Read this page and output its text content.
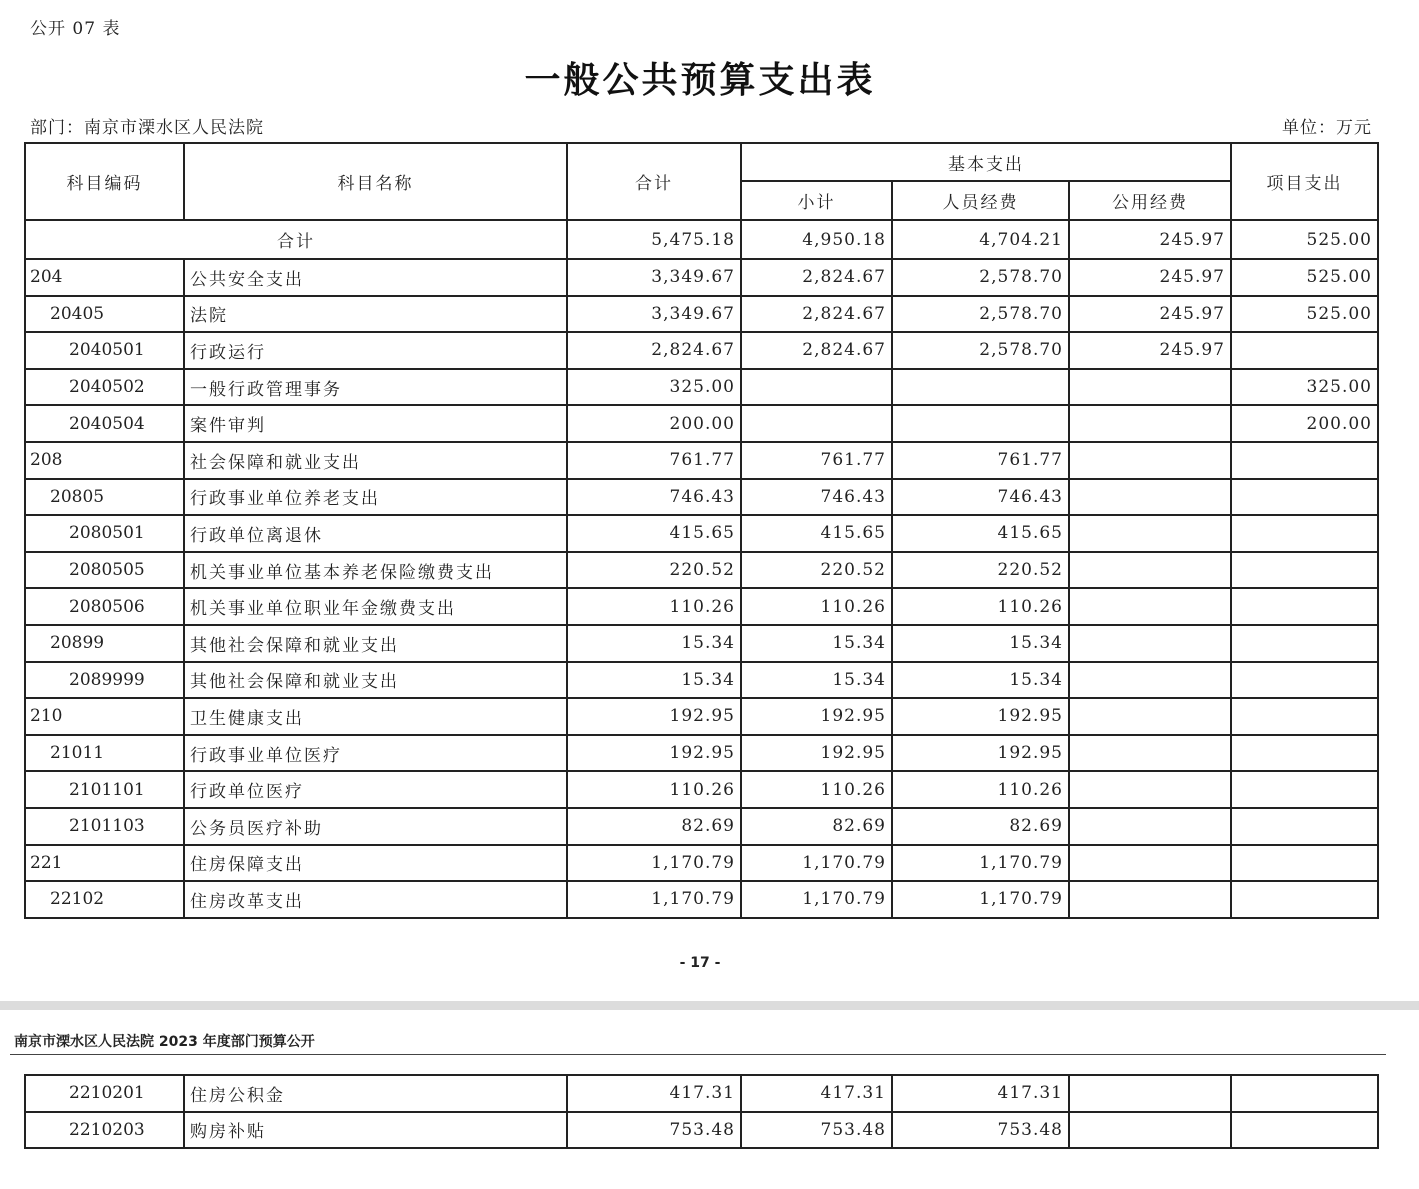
公开 07 表
一般公共预算支出表
部门：南京市溧水区人民法院	单位：万元
科目编码	科目名称	合计	基本支出			项目支出
			小计	人员经费	公用经费	
合计		5,475.18	4,950.18	4,704.21	245.97	525.00
204	公共安全支出	3,349.67	2,824.67	2,578.70	245.97	525.00
20405	法院	3,349.67	2,824.67	2,578.70	245.97	525.00
2040501	行政运行	2,824.67	2,824.67	2,578.70	245.97	
2040502	一般行政管理事务	325.00				325.00
2040504	案件审判	200.00				200.00
208	社会保障和就业支出	761.77	761.77	761.77		
20805	行政事业单位养老支出	746.43	746.43	746.43		
2080501	行政单位离退休	415.65	415.65	415.65		
2080505	机关事业单位基本养老保险缴费支出	220.52	220.52	220.52		
2080506	机关事业单位职业年金缴费支出	110.26	110.26	110.26		
20899	其他社会保障和就业支出	15.34	15.34	15.34		
2089999	其他社会保障和就业支出	15.34	15.34	15.34		
210	卫生健康支出	192.95	192.95	192.95		
21011	行政事业单位医疗	192.95	192.95	192.95		
2101101	行政单位医疗	110.26	110.26	110.26		
2101103	公务员医疗补助	82.69	82.69	82.69		
221	住房保障支出	1,170.79	1,170.79	1,170.79		
22102	住房改革支出	1,170.79	1,170.79	1,170.79		
- 17 -
南京市溧水区人民法院 2023 年度部门预算公开
2210201	住房公积金	417.31	417.31	417.31		
2210203	购房补贴	753.48	753.48	753.48		
